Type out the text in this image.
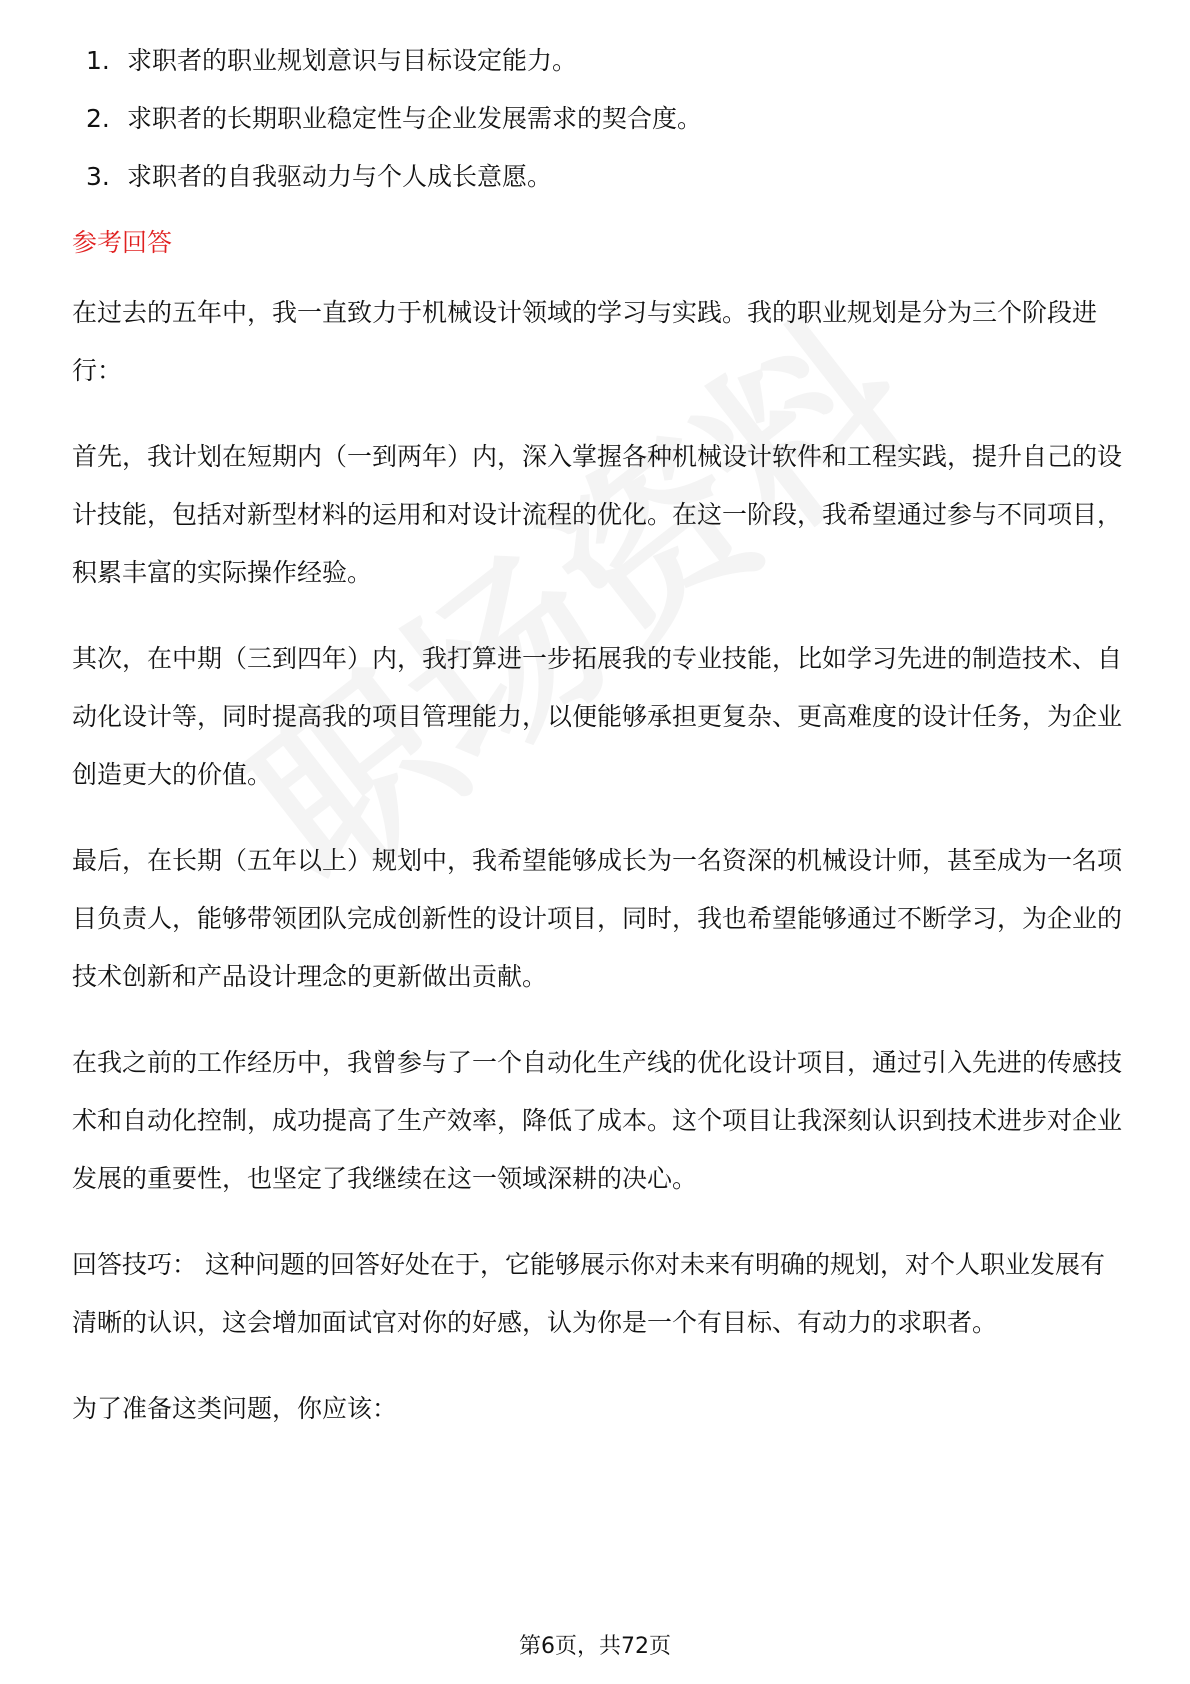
1. 求职者的职业规划意识与目标设定能力。
2. 求职者的长期职业稳定性与企业发展需求的契合度。
3. 求职者的自我驱动力与个人成长意愿。
参考回答

在过去的五年中，我一直致力于机械设计领域的学习与实践。我的职业规划是分为三个阶段进行：

首先，我计划在短期内（一到两年）内，深入掌握各种机械设计软件和工程实践，提升自己的设计技能，包括对新型材料的运用和对设计流程的优化。在这一阶段，我希望通过参与不同项目，积累丰富的实际操作经验。

其次，在中期（三到四年）内，我打算进一步拓展我的专业技能，比如学习先进的制造技术、自动化设计等，同时提高我的项目管理能力，以便能够承担更复杂、更高难度的设计任务，为企业创造更大的价值。

最后，在长期（五年以上）规划中，我希望能够成长为一名资深的机械设计师，甚至成为一名项目负责人，能够带领团队完成创新性的设计项目，同时，我也希望能够通过不断学习，为企业的技术创新和产品设计理念的更新做出贡献。

在我之前的工作经历中，我曾参与了一个自动化生产线的优化设计项目，通过引入先进的传感技术和自动化控制，成功提高了生产效率，降低了成本。这个项目让我深刻认识到技术进步对企业发展的重要性，也坚定了我继续在这一领域深耕的决心。

回答技巧： 这种问题的回答好处在于，它能够展示你对未来有明确的规划，对个人职业发展有清晰的认识，这会增加面试官对你的好感，认为你是一个有目标、有动力的求职者。

为了准备这类问题，你应该：

第6页，共72页
